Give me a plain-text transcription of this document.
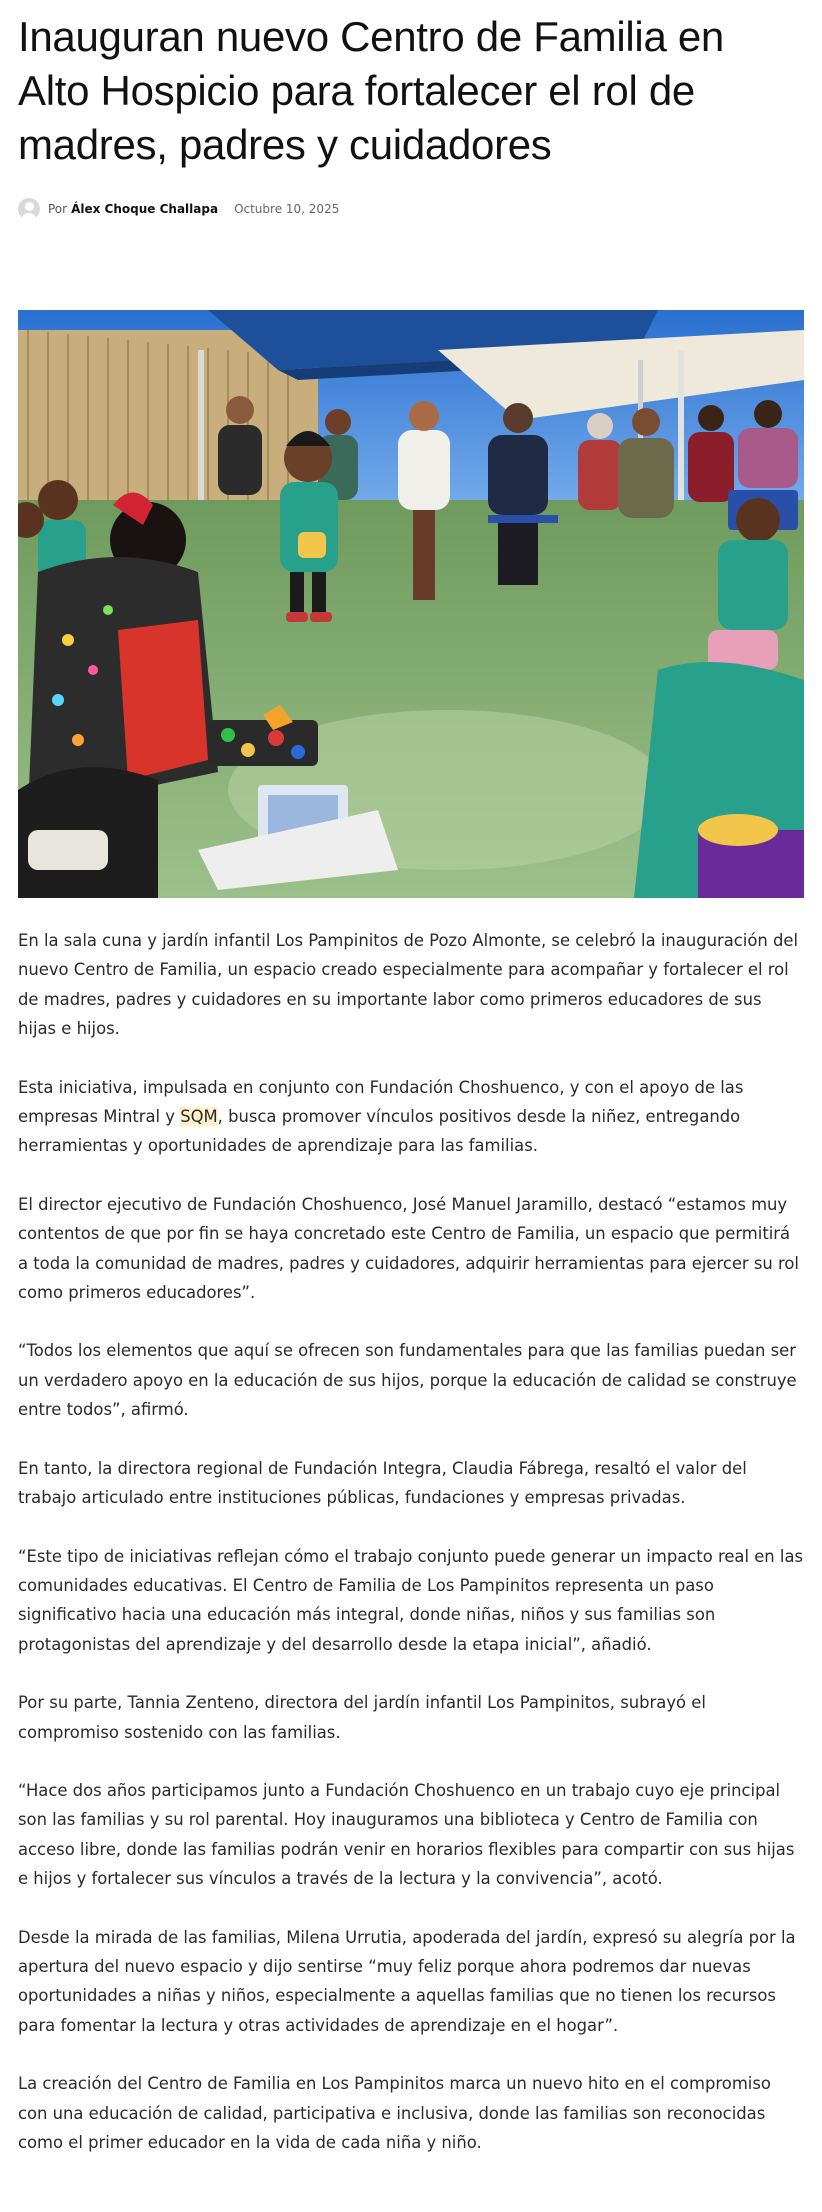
Inauguran nuevo Centro de Familia en Alto Hospicio para fortalecer el rol de madres, padres y cuidadores
Por Álex Choque Challapa Octubre 10, 2025

En la sala cuna y jardín infantil Los Pampinitos de Pozo Almonte, se celebró la inauguración del nuevo Centro de Familia, un espacio creado especialmente para acompañar y fortalecer el rol de madres, padres y cuidadores en su importante labor como primeros educadores de sus hijas e hijos.

Esta iniciativa, impulsada en conjunto con Fundación Choshuenco, y con el apoyo de las empresas Mintral y SQM, busca promover vínculos positivos desde la niñez, entregando herramientas y oportunidades de aprendizaje para las familias.

El director ejecutivo de Fundación Choshuenco, José Manuel Jaramillo, destacó “estamos muy contentos de que por fin se haya concretado este Centro de Familia, un espacio que permitirá a toda la comunidad de madres, padres y cuidadores, adquirir herramientas para ejercer su rol como primeros educadores”.

“Todos los elementos que aquí se ofrecen son fundamentales para que las familias puedan ser un verdadero apoyo en la educación de sus hijos, porque la educación de calidad se construye entre todos”, afirmó.

En tanto, la directora regional de Fundación Integra, Claudia Fábrega, resaltó el valor del trabajo articulado entre instituciones públicas, fundaciones y empresas privadas.

“Este tipo de iniciativas reflejan cómo el trabajo conjunto puede generar un impacto real en las comunidades educativas. El Centro de Familia de Los Pampinitos representa un paso significativo hacia una educación más integral, donde niñas, niños y sus familias son protagonistas del aprendizaje y del desarrollo desde la etapa inicial”, añadió.

Por su parte, Tannia Zenteno, directora del jardín infantil Los Pampinitos, subrayó el compromiso sostenido con las familias.

“Hace dos años participamos junto a Fundación Choshuenco en un trabajo cuyo eje principal son las familias y su rol parental. Hoy inauguramos una biblioteca y Centro de Familia con acceso libre, donde las familias podrán venir en horarios flexibles para compartir con sus hijas e hijos y fortalecer sus vínculos a través de la lectura y la convivencia”, acotó.

Desde la mirada de las familias, Milena Urrutia, apoderada del jardín, expresó su alegría por la apertura del nuevo espacio y dijo sentirse “muy feliz porque ahora podremos dar nuevas oportunidades a niñas y niños, especialmente a aquellas familias que no tienen los recursos para fomentar la lectura y otras actividades de aprendizaje en el hogar”.

La creación del Centro de Familia en Los Pampinitos marca un nuevo hito en el compromiso con una educación de calidad, participativa e inclusiva, donde las familias son reconocidas como el primer educador en la vida de cada niña y niño.
